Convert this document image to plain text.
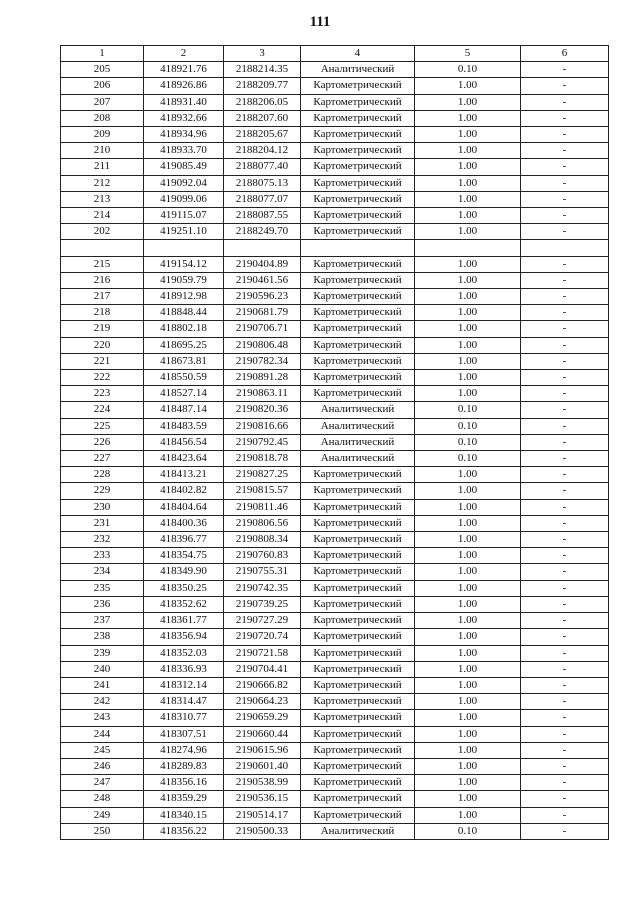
111
1	2	3	4	5	6
205	418921.76	2188214.35	Аналитический	0.10	-
206	418926.86	2188209.77	Картометрический	1.00	-
207	418931.40	2188206.05	Картометрический	1.00	-
208	418932.66	2188207.60	Картометрический	1.00	-
209	418934.96	2188205.67	Картометрический	1.00	-
210	418933.70	2188204.12	Картометрический	1.00	-
211	419085.49	2188077.40	Картометрический	1.00	-
212	419092.04	2188075.13	Картометрический	1.00	-
213	419099.06	2188077.07	Картометрический	1.00	-
214	419115.07	2188087.55	Картометрический	1.00	-
202	419251.10	2188249.70	Картометрический	1.00	-

215	419154.12	2190404.89	Картометрический	1.00	-
216	419059.79	2190461.56	Картометрический	1.00	-
217	418912.98	2190596.23	Картометрический	1.00	-
218	418848.44	2190681.79	Картометрический	1.00	-
219	418802.18	2190706.71	Картометрический	1.00	-
220	418695.25	2190806.48	Картометрический	1.00	-
221	418673.81	2190782.34	Картометрический	1.00	-
222	418550.59	2190891.28	Картометрический	1.00	-
223	418527.14	2190863.11	Картометрический	1.00	-
224	418487.14	2190820.36	Аналитический	0.10	-
225	418483.59	2190816.66	Аналитический	0.10	-
226	418456.54	2190792.45	Аналитический	0.10	-
227	418423.64	2190818.78	Аналитический	0.10	-
228	418413.21	2190827.25	Картометрический	1.00	-
229	418402.82	2190815.57	Картометрический	1.00	-
230	418404.64	2190811.46	Картометрический	1.00	-
231	418400.36	2190806.56	Картометрический	1.00	-
232	418396.77	2190808.34	Картометрический	1.00	-
233	418354.75	2190760.83	Картометрический	1.00	-
234	418349.90	2190755.31	Картометрический	1.00	-
235	418350.25	2190742.35	Картометрический	1.00	-
236	418352.62	2190739.25	Картометрический	1.00	-
237	418361.77	2190727.29	Картометрический	1.00	-
238	418356.94	2190720.74	Картометрический	1.00	-
239	418352.03	2190721.58	Картометрический	1.00	-
240	418336.93	2190704.41	Картометрический	1.00	-
241	418312.14	2190666.82	Картометрический	1.00	-
242	418314.47	2190664.23	Картометрический	1.00	-
243	418310.77	2190659.29	Картометрический	1.00	-
244	418307.51	2190660.44	Картометрический	1.00	-
245	418274.96	2190615.96	Картометрический	1.00	-
246	418289.83	2190601.40	Картометрический	1.00	-
247	418356.16	2190538.99	Картометрический	1.00	-
248	418359.29	2190536.15	Картометрический	1.00	-
249	418340.15	2190514.17	Картометрический	1.00	-
250	418356.22	2190500.33	Аналитический	0.10	-
